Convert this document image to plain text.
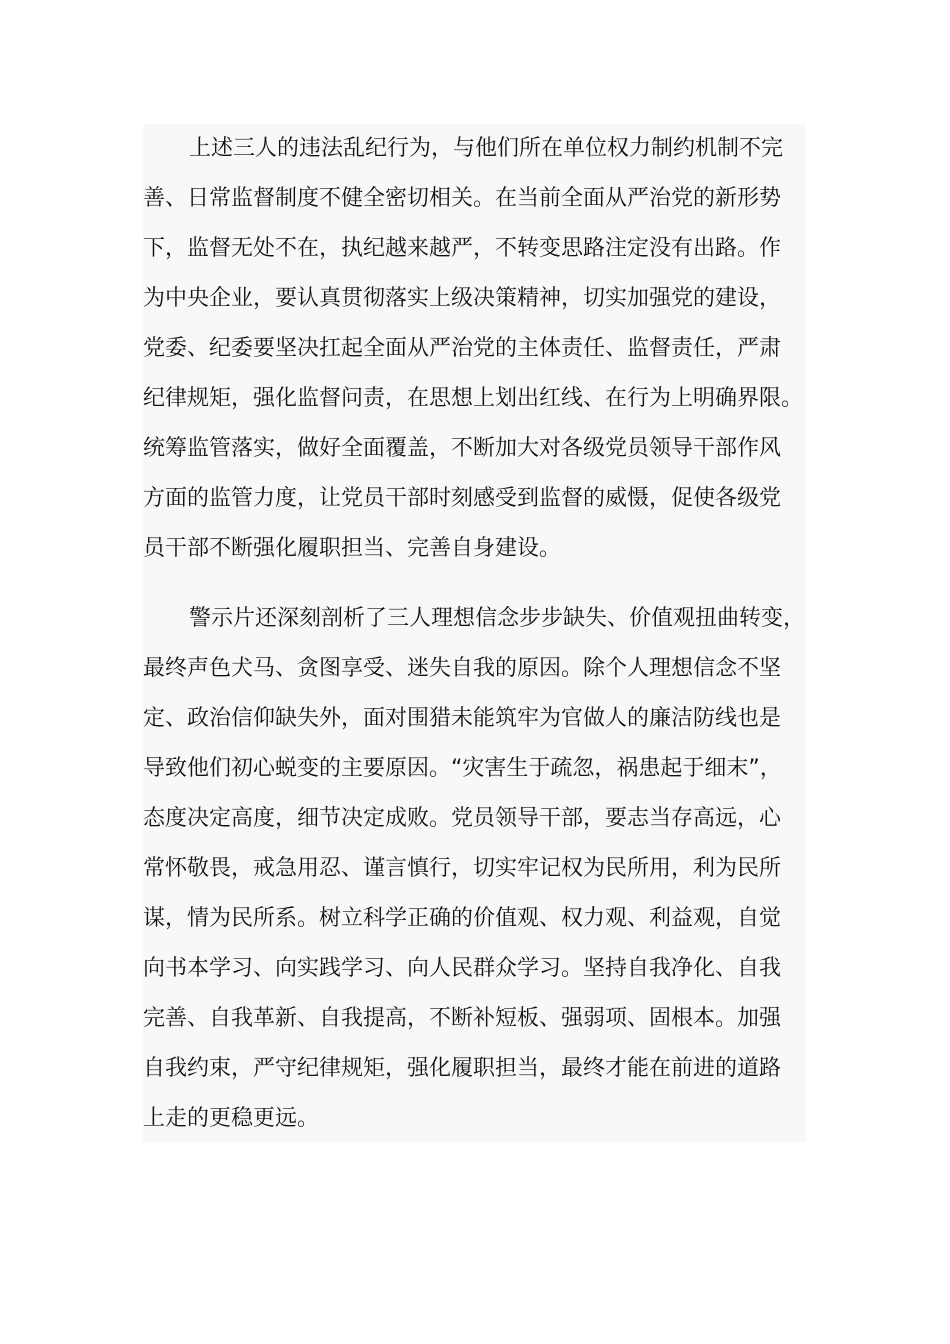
上述三人的违法乱纪行为，与他们所在单位权力制约机制不完
善、日常监督制度不健全密切相关。在当前全面从严治党的新形势
下，监督无处不在，执纪越来越严，不转变思路注定没有出路。作
为中央企业，要认真贯彻落实上级决策精神，切实加强党的建设，
党委、纪委要坚决扛起全面从严治党的主体责任、监督责任，严肃
纪律规矩，强化监督问责，在思想上划出红线、在行为上明确界限。
统筹监管落实，做好全面覆盖，不断加大对各级党员领导干部作风
方面的监管力度，让党员干部时刻感受到监督的威慑，促使各级党
员干部不断强化履职担当、完善自身建设。
警示片还深刻剖析了三人理想信念步步缺失、价值观扭曲转变，
最终声色犬马、贪图享受、迷失自我的原因。除个人理想信念不坚
定、政治信仰缺失外，面对围猎未能筑牢为官做人的廉洁防线也是
导致他们初心蜕变的主要原因。“灾害生于疏忽，祸患起于细末”，
态度决定高度，细节决定成败。党员领导干部，要志当存高远，心
常怀敬畏，戒急用忍、谨言慎行，切实牢记权为民所用，利为民所
谋，情为民所系。树立科学正确的价值观、权力观、利益观，自觉
向书本学习、向实践学习、向人民群众学习。坚持自我净化、自我
完善、自我革新、自我提高，不断补短板、强弱项、固根本。加强
自我约束，严守纪律规矩，强化履职担当，最终才能在前进的道路
上走的更稳更远。
